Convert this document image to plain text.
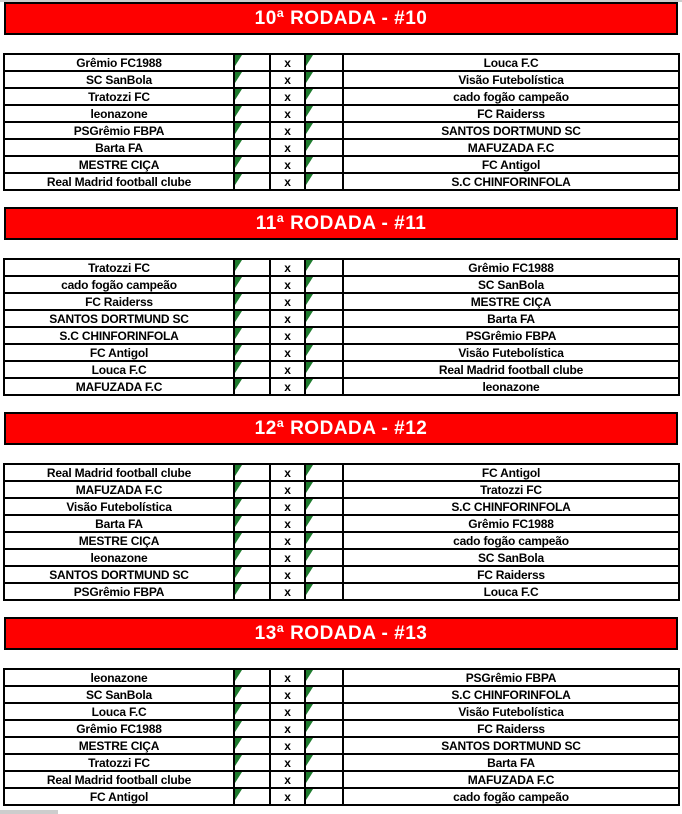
10ª RODADA - #10
Grêmio FC1988		x		Louca F.C
SC SanBola		x		Visão Futebolística
Tratozzi FC		x		cado fogão campeão
leonazone		x		FC Raiderss
PSGrêmio FBPA		x		SANTOS DORTMUND SC
Barta FA		x		MAFUZADA F.C
MESTRE CIÇA		x		FC Antigol
Real Madrid football clube		x		S.C CHINFORINFOLA
11ª RODADA - #11
Tratozzi FC		x		Grêmio FC1988
cado fogão campeão		x		SC SanBola
FC Raiderss		x		MESTRE CIÇA
SANTOS DORTMUND SC		x		Barta FA
S.C CHINFORINFOLA		x		PSGrêmio FBPA
FC Antigol		x		Visão Futebolística
Louca F.C		x		Real Madrid football clube
MAFUZADA F.C		x		leonazone
12ª RODADA - #12
Real Madrid football clube		x		FC Antigol
MAFUZADA F.C		x		Tratozzi FC
Visão Futebolística		x		S.C CHINFORINFOLA
Barta FA		x		Grêmio FC1988
MESTRE CIÇA		x		cado fogão campeão
leonazone		x		SC SanBola
SANTOS DORTMUND SC		x		FC Raiderss
PSGrêmio FBPA		x		Louca F.C
13ª RODADA - #13
leonazone		x		PSGrêmio FBPA
SC SanBola		x		S.C CHINFORINFOLA
Louca F.C		x		Visão Futebolística
Grêmio FC1988		x		FC Raiderss
MESTRE CIÇA		x		SANTOS DORTMUND SC
Tratozzi FC		x		Barta FA
Real Madrid football clube		x		MAFUZADA F.C
FC Antigol		x		cado fogão campeão
